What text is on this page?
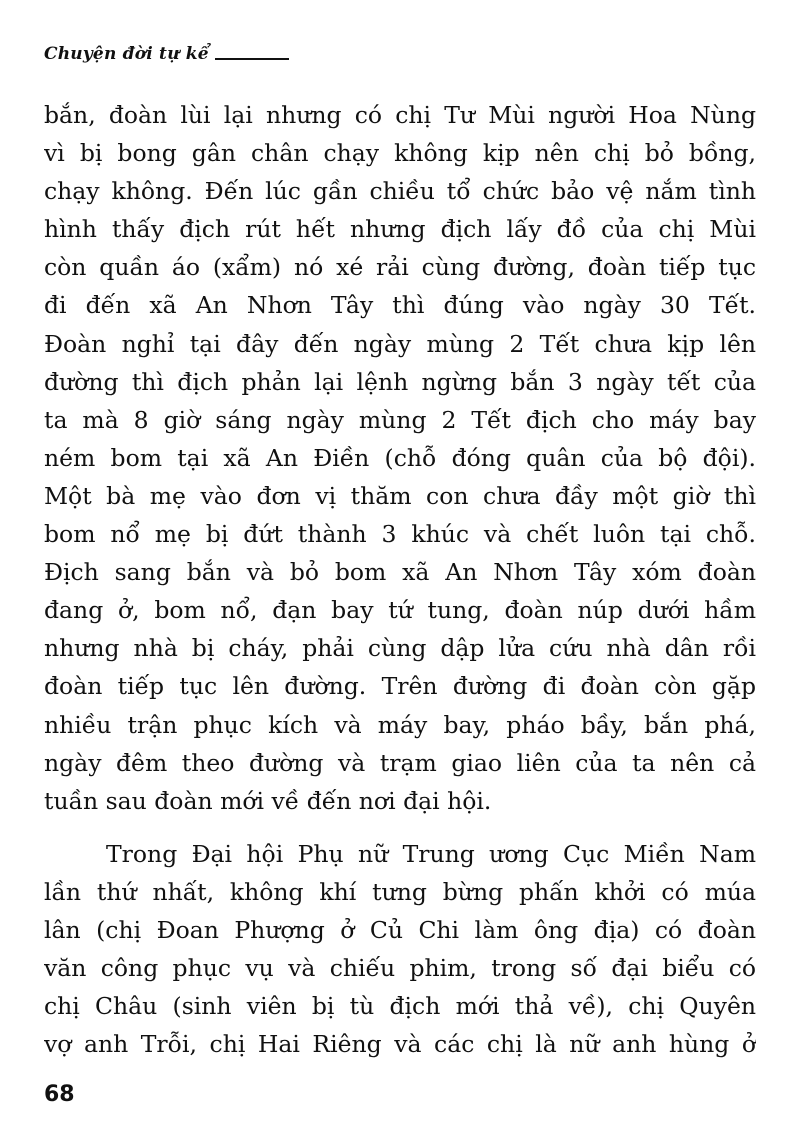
Chuyện đời tự kể
bắn, đoàn lùi lại nhưng có chị Tư Mùi người Hoa Nùng
vì bị bong gân chân chạy không kịp nên chị bỏ bồng,
chạy không. Đến lúc gần chiều tổ chức bảo vệ nắm tình
hình thấy địch rút hết nhưng địch lấy đồ của chị Mùi
còn quần áo (xẩm) nó xé rải cùng đường, đoàn tiếp tục
đi đến xã An Nhơn Tây thì đúng vào ngày 30 Tết.
Đoàn nghỉ tại đây đến ngày mùng 2 Tết chưa kịp lên
đường thì địch phản lại lệnh ngừng bắn 3 ngày tết của
ta mà 8 giờ sáng ngày mùng 2 Tết địch cho máy bay
ném bom tại xã An Điền (chỗ đóng quân của bộ đội).
Một bà mẹ vào đơn vị thăm con chưa đầy một giờ thì
bom nổ mẹ bị đứt thành 3 khúc và chết luôn tại chỗ.
Địch sang bắn và bỏ bom xã An Nhơn Tây xóm đoàn
đang ở, bom nổ, đạn bay tứ tung, đoàn núp dưới hầm
nhưng nhà bị cháy, phải cùng dập lửa cứu nhà dân rồi
đoàn tiếp tục lên đường. Trên đường đi đoàn còn gặp
nhiều trận phục kích và máy bay, pháo bầy, bắn phá,
ngày đêm theo đường và trạm giao liên của ta nên cả
tuần sau đoàn mới về đến nơi đại hội.
Trong Đại hội Phụ nữ Trung ương Cục Miền Nam
lần thứ nhất, không khí tưng bừng phấn khởi có múa
lân (chị Đoan Phượng ở Củ Chi làm ông địa) có đoàn
văn công phục vụ và chiếu phim, trong số đại biểu có
chị Châu (sinh viên bị tù địch mới thả về), chị Quyên
vợ anh Trỗi, chị Hai Riêng và các chị là nữ anh hùng ở
68
